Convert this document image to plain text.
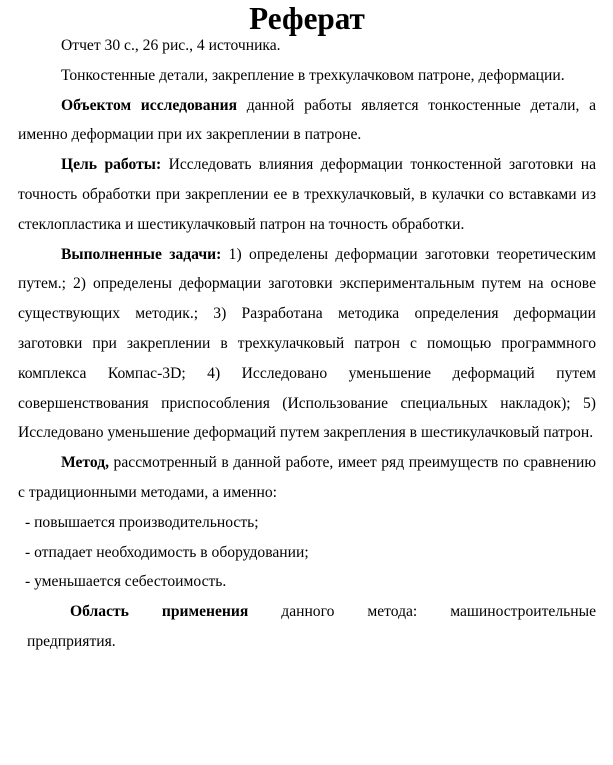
Реферат

Отчет 30 с., 26 рис., 4 источника.

Тонкостенные детали, закрепление в трехкулачковом патроне, деформации.

Объектом исследования данной работы является тонкостенные детали, а именно деформации при их закреплении в патроне.

Цель работы: Исследовать влияния деформации тонкостенной заготовки на точность обработки при закреплении ее в трехкулачковый, в кулачки со вставками из стеклопластика и шестикулачковый патрон на точность обработки.

Выполненные задачи: 1) определены деформации заготовки теоретическим путем.; 2) определены деформации заготовки экспериментальным путем на основе существующих методик.; 3) Разработана методика определения деформации заготовки при закреплении в трехкулачковый патрон с помощью программного комплекса Компас-3D; 4) Исследовано уменьшение деформаций путем совершенствования приспособления (Использование специальных накладок); 5) Исследовано уменьшение деформаций путем закрепления в шестикулачковый патрон.

Метод, рассмотренный в данной работе, имеет ряд преимуществ по сравнению с традиционными методами, а именно:

- повышается производительность;
- отпадает необходимость в оборудовании;
- уменьшается себестоимость.
Область применения данного метода: машиностроительные
предприятия.
